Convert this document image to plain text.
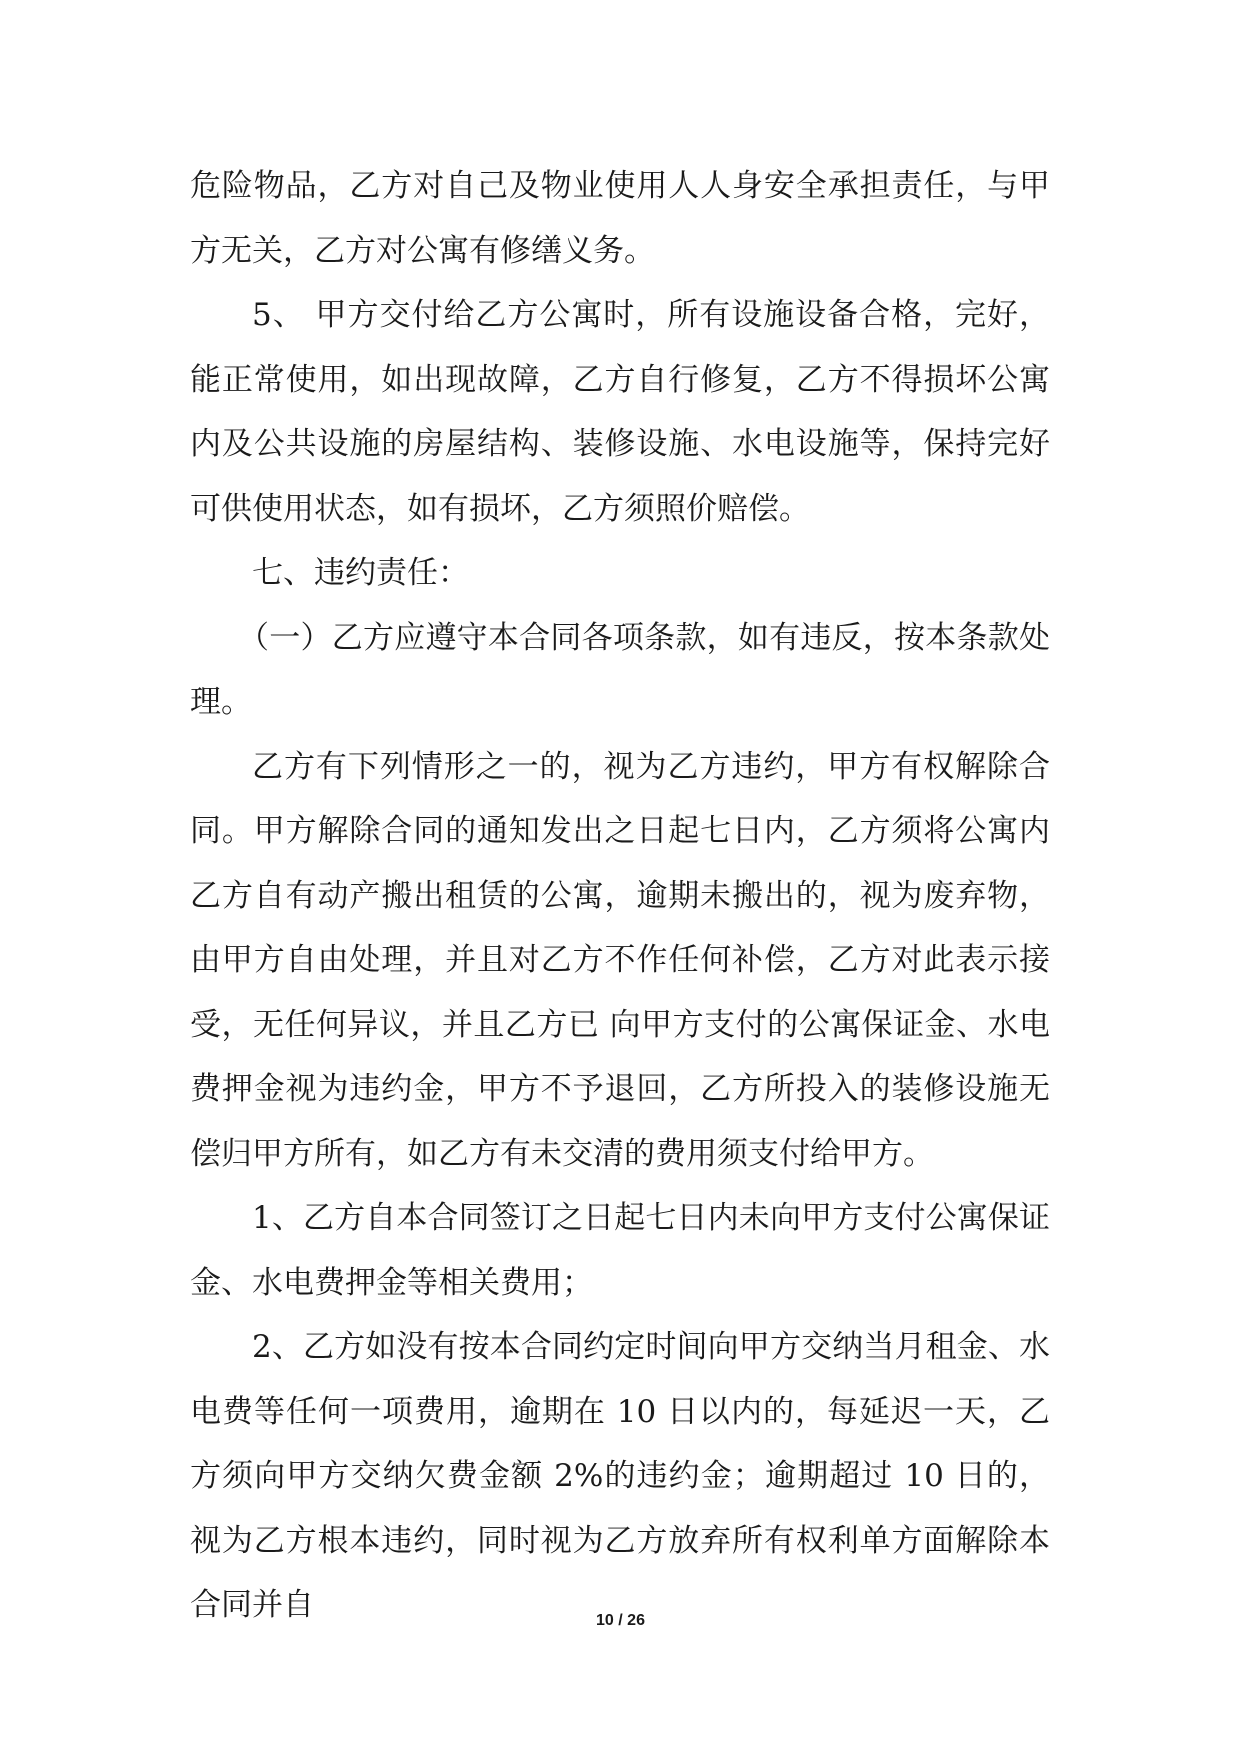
危险物品，乙方对自己及物业使用人人身安全承担责任，与甲方无关，乙方对公寓有修缮义务。

5、 甲方交付给乙方公寓时，所有设施设备合格，完好，能正常使用，如出现故障，乙方自行修复，乙方不得损坏公寓内及公共设施的房屋结构、装修设施、水电设施等，保持完好可供使用状态，如有损坏，乙方须照价赔偿。

七、违约责任：

（一）乙方应遵守本合同各项条款，如有违反，按本条款处理。

乙方有下列情形之一的，视为乙方违约，甲方有权解除合同。甲方解除合同的通知发出之日起七日内，乙方须将公寓内乙方自有动产搬出租赁的公寓，逾期未搬出的，视为废弃物，由甲方自由处理，并且对乙方不作任何补偿，乙方对此表示接受，无任何异议，并且乙方已 向甲方支付的公寓保证金、水电费押金视为违约金，甲方不予退回，乙方所投入的装修设施无偿归甲方所有，如乙方有未交清的费用须支付给甲方。

1、乙方自本合同签订之日起七日内未向甲方支付公寓保证金、水电费押金等相关费用；

2、乙方如没有按本合同约定时间向甲方交纳当月租金、水电费等任何一项费用，逾期在 10 日以内的，每延迟一天，乙方须向甲方交纳欠费金额 2%的违约金；逾期超过 10 日的，视为乙方根本违约，同时视为乙方放弃所有权利单方面解除本合同并自	10 / 26
